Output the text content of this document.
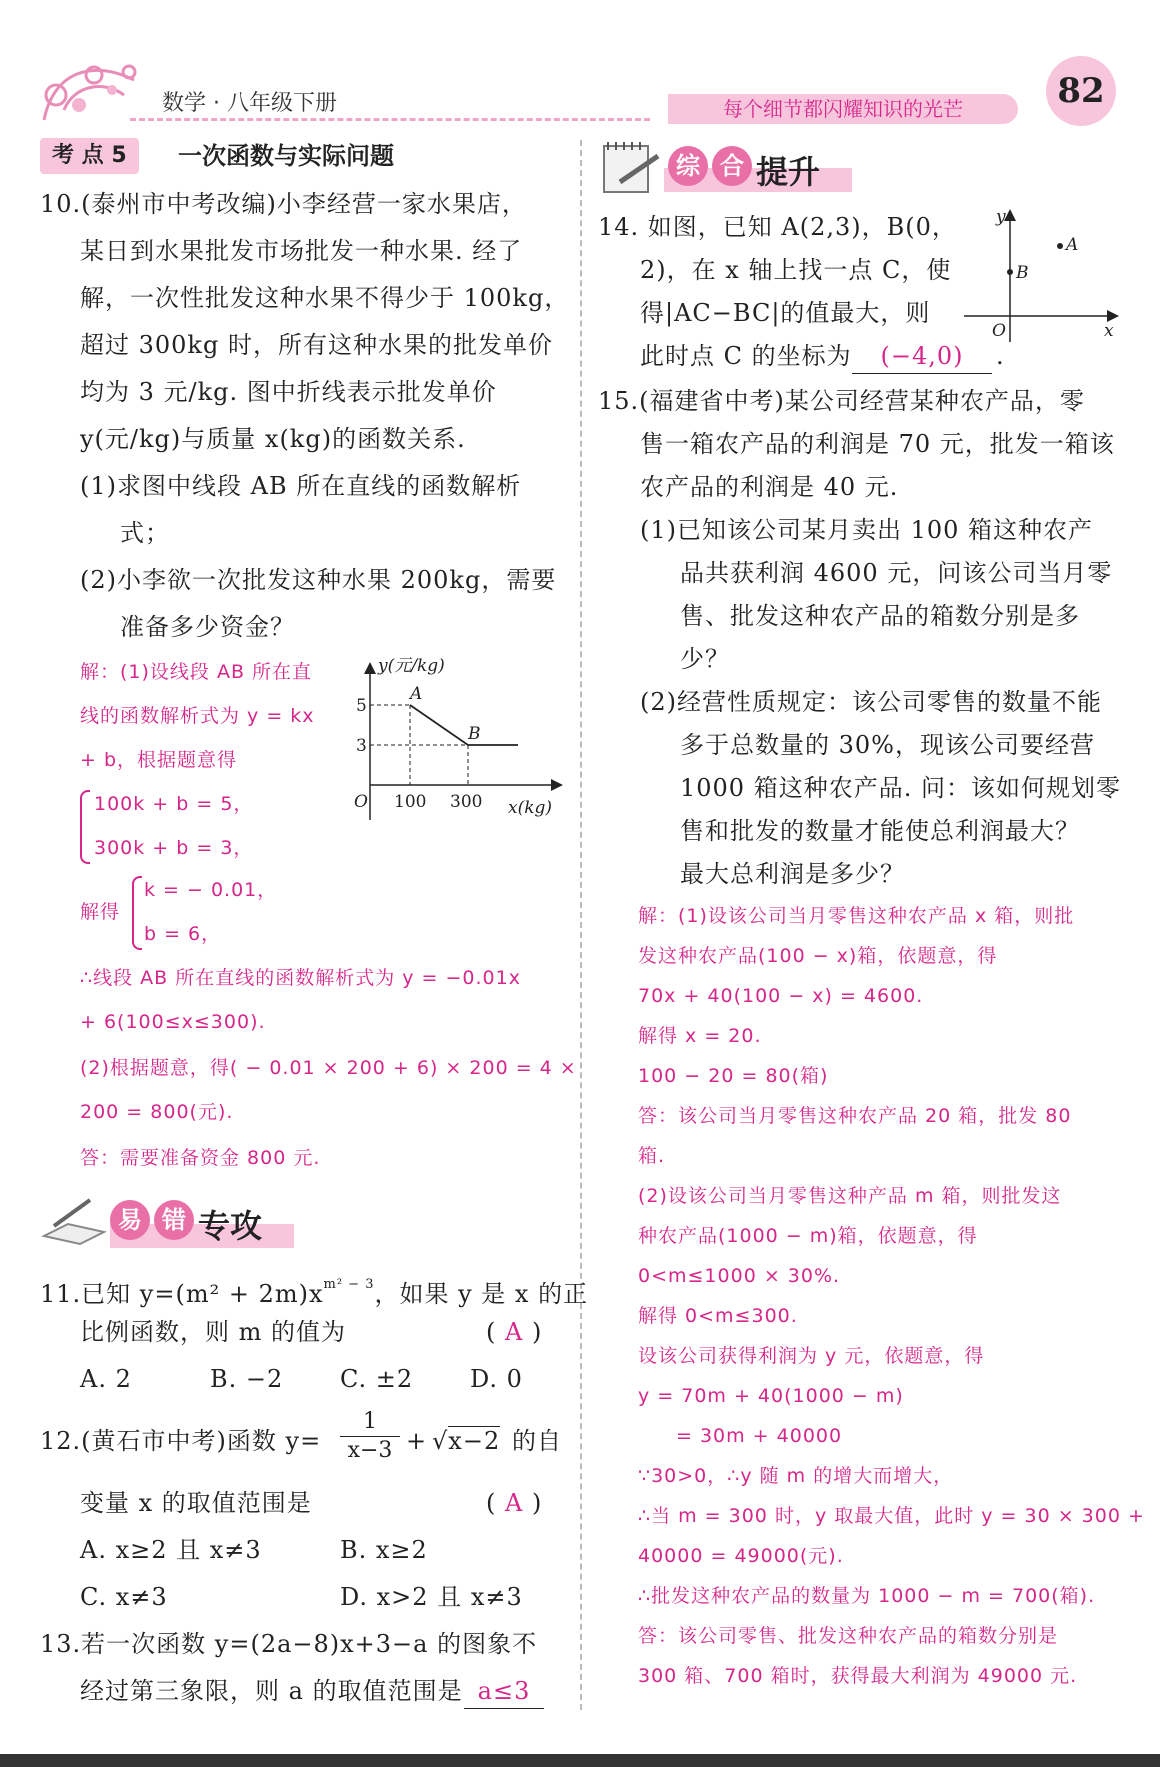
数学 · 八年级下册	每个细节都闪耀知识的光芒	82
考 点 5	一次函数与实际问题
10.(泰州市中考改编)小李经营一家水果店，
某日到水果批发市场批发一种水果. 经了
解，一次性批发这种水果不得少于 100kg，
超过 300kg 时，所有这种水果的批发单价
均为 3 元/kg. 图中折线表示批发单价
y(元/kg)与质量 x(kg)的函数关系.
(1)求图中线段 AB 所在直线的函数解析
式；
(2)小李欲一次批发这种水果 200kg，需要
准备多少资金？
解：(1)设线段 AB 所在直
线的函数解析式为 y = kx
+ b，根据题意得
100k + b = 5，
300k + b = 3，
解得
k = − 0.01，
b = 6，
∴线段 AB 所在直线的函数解析式为 y = −0.01x
+ 6(100≤x≤300).
(2)根据题意，得( − 0.01 × 200 + 6) × 200 = 4 ×
200 = 800(元).
答：需要准备资金 800 元.
y(元/kg)
x(kg)
O
5
3
100 300
A
B
易 错 专攻
11.已知 $y=(m^2 + 2m)x^{m^2 - 3}$，如果 y 是 x 的正
比例函数，则 m 的值为	( A )
A. 2	B. −2 C. ±2 D. 0
12.(黄石市中考)函数 $y= \frac{1}{x-3} + √x-2$ 的自
变量 x 的取值范围是	( A )
A. x≥2 且 x≠3	B. x≥2
C. x≠3	D. x>2 且 x≠3
13.若一次函数 y=(2a−8)x+3−a 的图象不
经过第三象限，则 a 的取值范围是 a≤3
综 合 提升
14. 如图，已知 A(2,3)，B(0，
2)，在 x 轴上找一点 C，使
得|AC−BC|的值最大，则
此时点 C 的坐标为	(−4,0)	.
y
x
O
A
B
15.(福建省中考)某公司经营某种农产品，零
售一箱农产品的利润是 70 元，批发一箱该
农产品的利润是 40 元.
(1)已知该公司某月卖出 100 箱这种农产
品共获利润 4600 元，问该公司当月零
售、批发这种农产品的箱数分别是多
少？
(2)经营性质规定：该公司零售的数量不能
多于总数量的 30%，现该公司要经营
1000 箱这种农产品. 问：该如何规划零
售和批发的数量才能使总利润最大？
最大总利润是多少？
解：(1)设该公司当月零售这种农产品 x 箱，则批
发这种农产品(100 − x)箱，依题意，得
70x + 40(100 − x) = 4600.
解得 x = 20.
100 − 20 = 80(箱)
答：该公司当月零售这种农产品 20 箱，批发 80
箱.
(2)设该公司当月零售这种产品 m 箱，则批发这
种农产品(1000 − m)箱，依题意，得
0<m≤1000 × 30%.
解得 0<m≤300.
设该公司获得利润为 y 元，依题意，得
y = 70m + 40(1000 − m)
= 30m + 40000
∵30>0，∴y 随 m 的增大而增大，
∴当 m = 300 时，y 取最大值，此时 y = 30 × 300 +
40000 = 49000(元).
∴批发这种农产品的数量为 1000 − m = 700(箱).
答：该公司零售、批发这种农产品的箱数分别是
300 箱、700 箱时，获得最大利润为 49000 元.
